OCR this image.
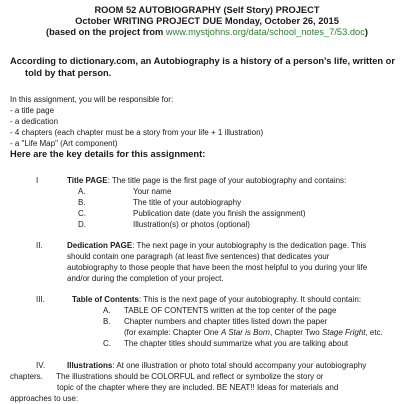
ROOM 52 AUTOBIOGRAPHY (Self Story) PROJECT
October WRITING PROJECT DUE Monday, October 26, 2015
(based on the project from www.mystjohns.org/data/school_notes_7/53.doc)
According to dictionary.com, an Autobiography is a history of a person's life, written or
told by that person.
In this assignment, you will be responsible for:
- a title page
- a dedication
- 4 chapters (each chapter must be a story from your life + 1 illustration)
- a "Life Map" (Art component)
Here are the key details for this assignment:
I	Title PAGE: The title page is the first page of your autobiography and contains:
A.	Your name
B.	The title of your autobiography
C.	Publication date (date you finish the assignment)
D.	Illustration(s) or photos (optional)
II.	Dedication PAGE: The next page in your autobiography is the dedication page. This
should contain one paragraph (at least five sentences) that dedicates your
autobiography to those people that have been the most helpful to you during your life
and/or during the completion of your project.
III.	Table of Contents: This is the next page of your autobiography. It should contain:
A. TABLE OF CONTENTS written at the top center of the page
B. Chapter numbers and chapter titles listed down the paper
(for example: Chapter One A Star is Born, Chapter Two Stage Fright, etc.
C. The chapter titles should summarize what you are talking about
IV.	Illustrations: At one illustration or photo total should accompany your autobiography
chapters.      The illustrations should be COLORFUL and reflect or symbolize the story or
topic of the chapter where they are included. BE NEAT!! Ideas for materials and
approaches to use:
